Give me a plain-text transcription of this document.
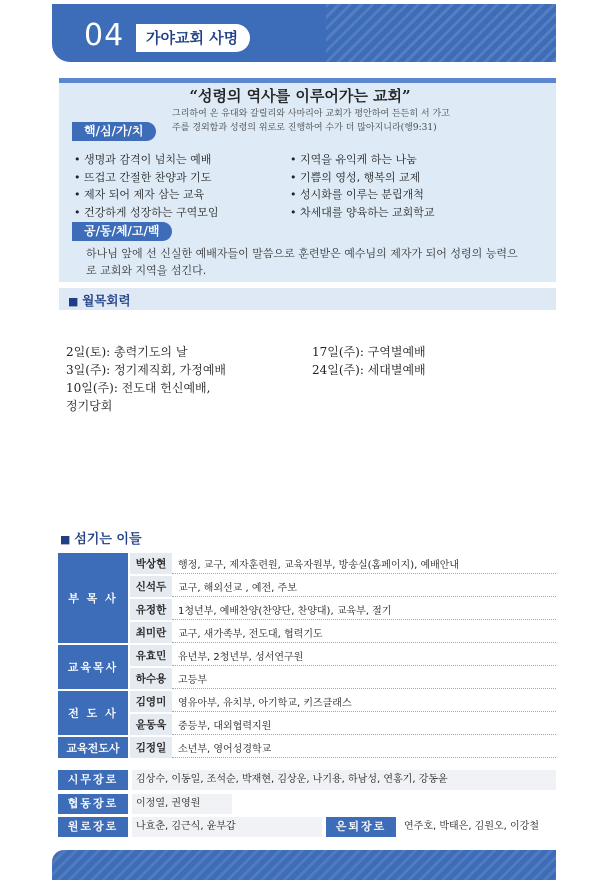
04	가야교회 사명
“성령의 역사를 이루어가는 교회”
그리하여 온 유대와 갈릴리와 사마리아 교회가 평안하여 든든히 서 가고
주를 경외함과 성령의 위로로 진행하여 수가 더 많아지니라(행9:31)
핵/심/가/치
• 생명과 감격이 넘치는 예배
• 뜨겁고 간절한 찬양과 기도
• 제자 되어 제자 삼는 교육
• 건강하게 성장하는 구역모임
• 지역을 유익케 하는 나눔
• 기쁨의 영성, 행복의 교제
• 성시화를 이루는 분립개척
• 차세대를 양육하는 교회학교
공/동/체/고/백
하나님 앞에 선 신실한 예배자들이 말씀으로 훈련받은 예수님의 제자가 되어 성령의 능력으로 교회와 지역을 섬긴다.
■ 월목회력
2일(토): 총력기도의 날
3일(주): 정기제직회, 가정예배
10일(주): 전도대 헌신예배,
정기당회
17일(주): 구역별예배
24일(주): 세대별예배
■ 섬기는 이들
부 목 사	박상현	행정, 교구, 제자훈련원, 교육자원부, 방송실(홈페이지), 예배안내
	신석두	교구, 해외선교 , 예전, 주보
	유정한	1청년부, 예배찬양(찬양단, 찬양대), 교육부, 절기
	최미란	교구, 새가족부, 전도대, 협력기도
교육목사	유효민	유년부, 2청년부, 성서연구원
	하수용	고등부
전 도 사	김영미	영유아부, 유치부, 아기학교, 키즈클래스
	윤동욱	중등부, 대외협력지원
교육전도사	김정일	소년부, 영어성경학교
시무장로	김상수, 이동일, 조석순, 박재현, 김상운, 나기용, 하남성, 연홍기, 강동윤
협동장로	이정열, 권영원
원로장로	나효춘, 김근식, 윤부갑	은퇴장로	연주호, 박태은, 김원오, 이강철
